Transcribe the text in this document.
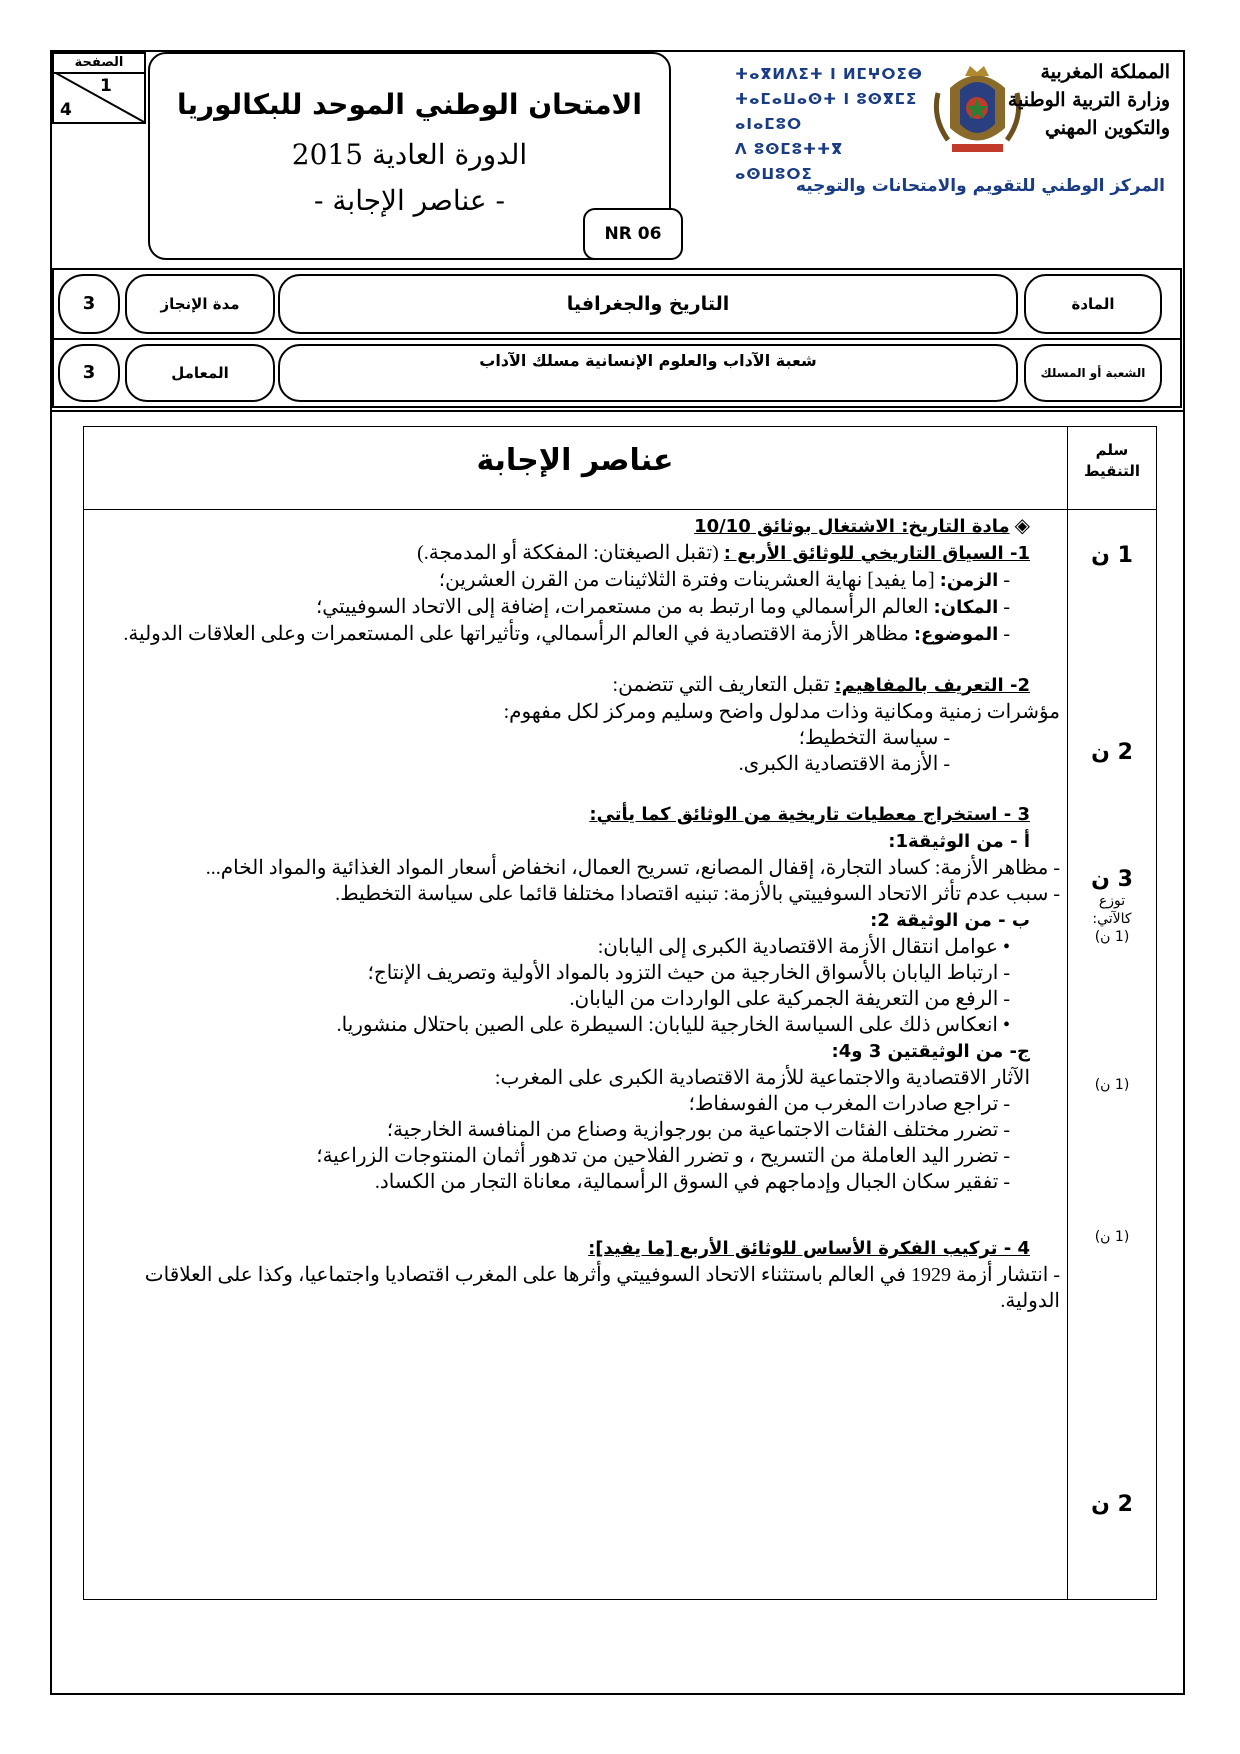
الصفحة
1
4	الامتحان الوطني الموحد للبكالوريا
الدورة العادية 2015
- عناصر الإجابة -
NR 06
ⵜⴰⴳⵍⴷⵉⵜ ⵏ ⵍⵎⵖⵔⵉⴱ
ⵜⴰⵎⴰⵡⴰⵙⵜ ⵏ ⵓⵙⴳⵎⵉ ⴰⵏⴰⵎⵓⵔ
ⴷ ⵓⵙⵎⵓⵜⵜⴳ ⴰⵙⵡⵓⵔⵉ
المملكة المغربية
وزارة التربية الوطنية
والتكوين المهني
المركز الوطني للتقويم والامتحانات والتوجيه
المادة
الشعبة أو المسلك
التاريخ والجغرافيا
شعبة الآداب والعلوم الإنسانية مسلك الآداب
مدة الإنجاز
المعامل
3
3
عناصر الإجابة	سلم
التنقيط

◈ مادة التاريخ: الاشتغال بوثائق 10/10

1- السياق التاريخي للوثائق الأربع : (تقبل الصيغتان: المفككة أو المدمجة.)

- الزمن: [ما يفيد] نهاية العشرينات وفترة الثلاثينات من القرن العشرين؛

- المكان: العالم الرأسمالي وما ارتبط به من مستعمرات، إضافة إلى الاتحاد السوفييتي؛

- الموضوع: مظاهر الأزمة الاقتصادية في العالم الرأسمالي، وتأثيراتها على المستعمرات وعلى العلاقات الدولية.

2- التعريف بالمفاهيم: تقبل التعاريف التي تتضمن:

مؤشرات زمنية ومكانية وذات مدلول واضح وسليم ومركز لكل مفهوم:

- سياسة التخطيط؛

- الأزمة الاقتصادية الكبرى.

3 - استخراج معطيات تاريخية من الوثائق كما يأتي:

أ - من الوثيقة1:

- مظاهر الأزمة: كساد التجارة، إقفال المصانع، تسريح العمال، انخفاض أسعار المواد الغذائية والمواد الخام...

- سبب عدم تأثر الاتحاد السوفييتي بالأزمة: تبنيه اقتصادا مختلفا قائما على سياسة التخطيط.

ب - من الوثيقة 2:

• عوامل انتقال الأزمة الاقتصادية الكبرى إلى اليابان:

- ارتباط اليابان بالأسواق الخارجية من حيث التزود بالمواد الأولية وتصريف الإنتاج؛

- الرفع من التعريفة الجمركية على الواردات من اليابان.

• انعكاس ذلك على السياسة الخارجية لليابان: السيطرة على الصين باحتلال منشوريا.

ج- من الوثيقتين 3 و4:

الآثار الاقتصادية والاجتماعية للأزمة الاقتصادية الكبرى على المغرب:

- تراجع صادرات المغرب من الفوسفاط؛

- تضرر مختلف الفئات الاجتماعية من بورجوازية وصناع من المنافسة الخارجية؛

- تضرر اليد العاملة من التسريح ، و تضرر الفلاحين من تدهور أثمان المنتوجات الزراعية؛

- تفقير سكان الجبال وإدماجهم في السوق الرأسمالية، معاناة التجار من الكساد.

4 - تركيب الفكرة الأساس للوثائق الأربع [ما يفيد]:

- انتشار أزمة 1929 في العالم باستثناء الاتحاد السوفييتي وأثرها على المغرب اقتصاديا واجتماعيا، وكذا على العلاقات الدولية.

1 ن
2 ن
3 ن
توزع
كالآتي:
(1 ن)
(1 ن)
(1 ن)
2 ن
